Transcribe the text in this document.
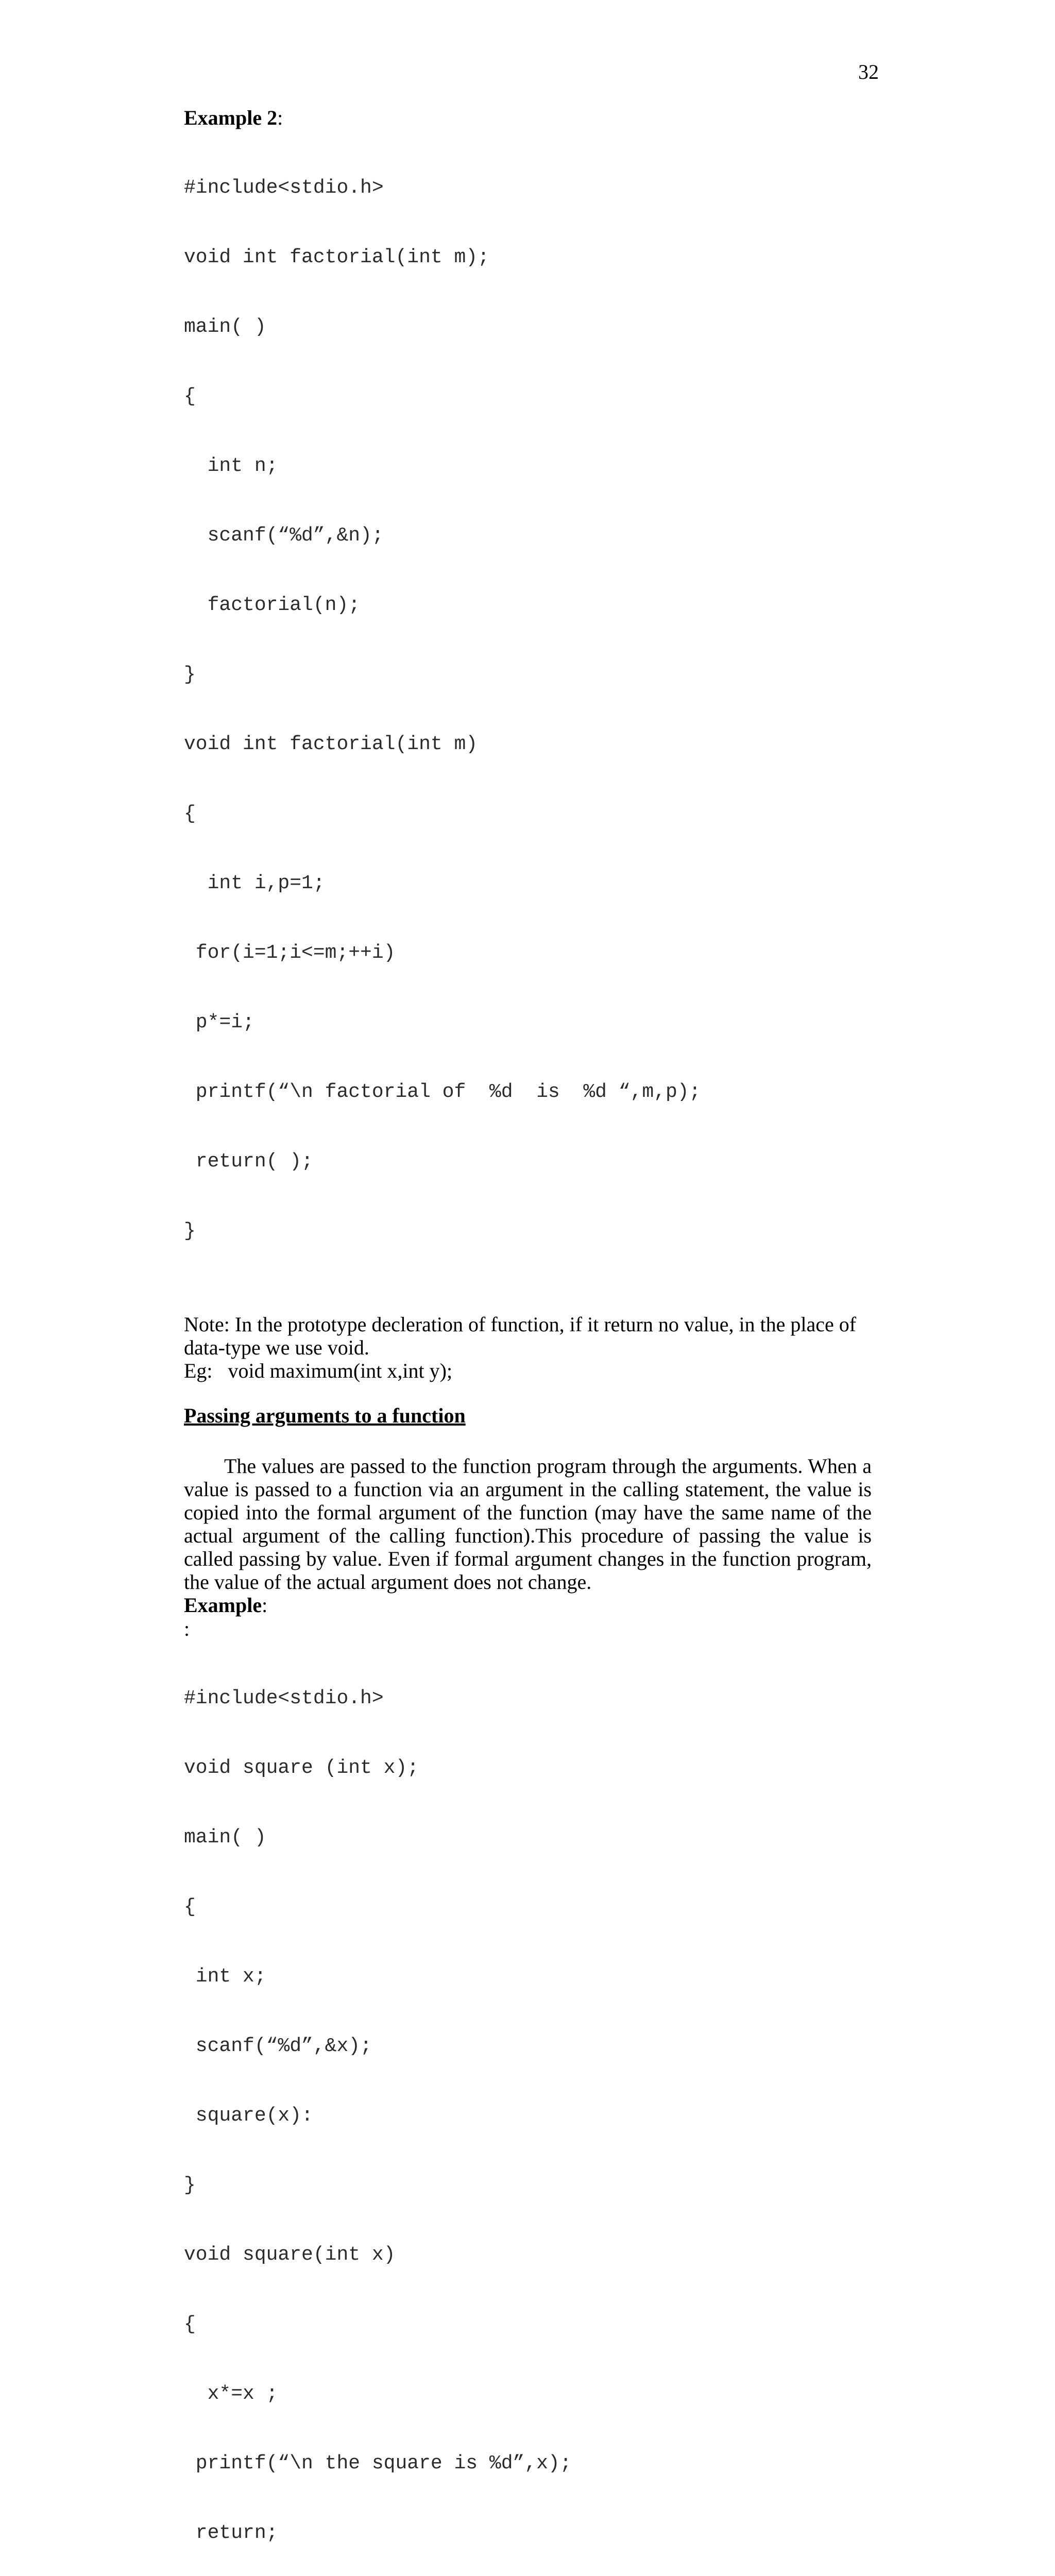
32

Example 2:

#include<stdio.h>

void int factorial(int m);

main( )

{

int n;

scanf(“%d”,&n);

factorial(n);

}

void int factorial(int m)

{

int i,p=1;

for(i=1;i<=m;++i)

p*=i;

printf(“\n factorial of  %d  is  %d “,m,p);

return( );

}

Note: In the prototype decleration of function, if it return no value, in the place of

data-type we use void.

Eg:   void maximum(int x,int y);

Passing arguments to a function

The values are passed to the function program through the arguments. When a value is passed to a function via an argument in the calling statement, the value is copied into the formal argument of the function (may have the same name of the actual argument of the calling function).This procedure of passing the value is called passing by value. Even if formal argument changes in the function program, the value of the actual argument does not change.

Example:

:

#include<stdio.h>

void square (int x);

main( )

{

int x;

scanf(“%d”,&x);

square(x):

}

void square(int x)

{

x*=x ;

printf(“\n the square is %d”,x);

return;
